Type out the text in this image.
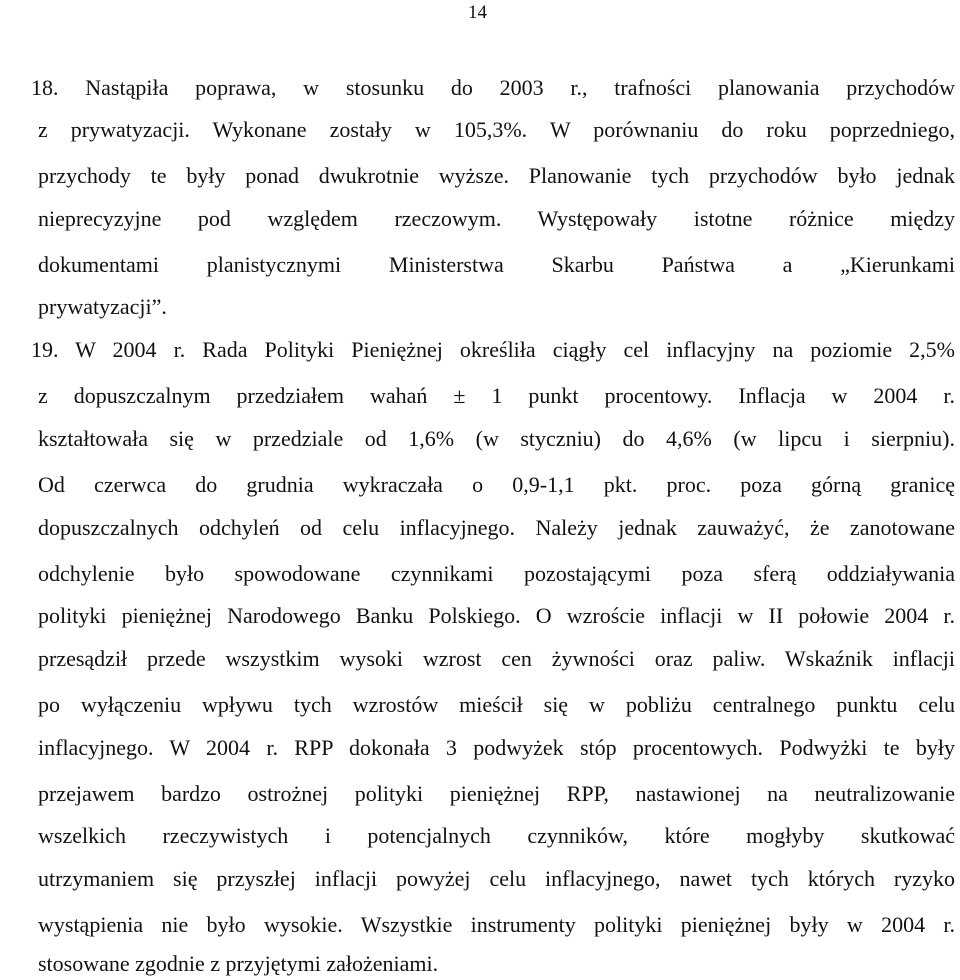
14
18. Nastąpiła poprawa, w stosunku do 2003 r., trafności planowania przychodów
z prywatyzacji. Wykonane zostały w 105,3%. W porównaniu do roku poprzedniego,
przychody te były ponad dwukrotnie wyższe. Planowanie tych przychodów było jednak
nieprecyzyjne pod względem rzeczowym. Występowały istotne różnice między
dokumentami planistycznymi Ministerstwa Skarbu Państwa a „Kierunkami
prywatyzacji”.
19. W 2004 r. Rada Polityki Pieniężnej określiła ciągły cel inflacyjny na poziomie 2,5%
z dopuszczalnym przedziałem wahań ± 1 punkt procentowy. Inflacja w 2004 r.
kształtowała się w przedziale od 1,6% (w styczniu) do 4,6% (w lipcu i sierpniu).
Od czerwca do grudnia wykraczała o 0,9-1,1 pkt. proc. poza górną granicę
dopuszczalnych odchyleń od celu inflacyjnego. Należy jednak zauważyć, że zanotowane
odchylenie było spowodowane czynnikami pozostającymi poza sferą oddziaływania
polityki pieniężnej Narodowego Banku Polskiego. O wzroście inflacji w II połowie 2004 r.
przesądził przede wszystkim wysoki wzrost cen żywności oraz paliw. Wskaźnik inflacji
po wyłączeniu wpływu tych wzrostów mieścił się w pobliżu centralnego punktu celu
inflacyjnego. W 2004 r. RPP dokonała 3 podwyżek stóp procentowych. Podwyżki te były
przejawem bardzo ostrożnej polityki pieniężnej RPP, nastawionej na neutralizowanie
wszelkich rzeczywistych i potencjalnych czynników, które mogłyby skutkować
utrzymaniem się przyszłej inflacji powyżej celu inflacyjnego, nawet tych których ryzyko
wystąpienia nie było wysokie. Wszystkie instrumenty polityki pieniężnej były w 2004 r.
stosowane zgodnie z przyjętymi założeniami.
